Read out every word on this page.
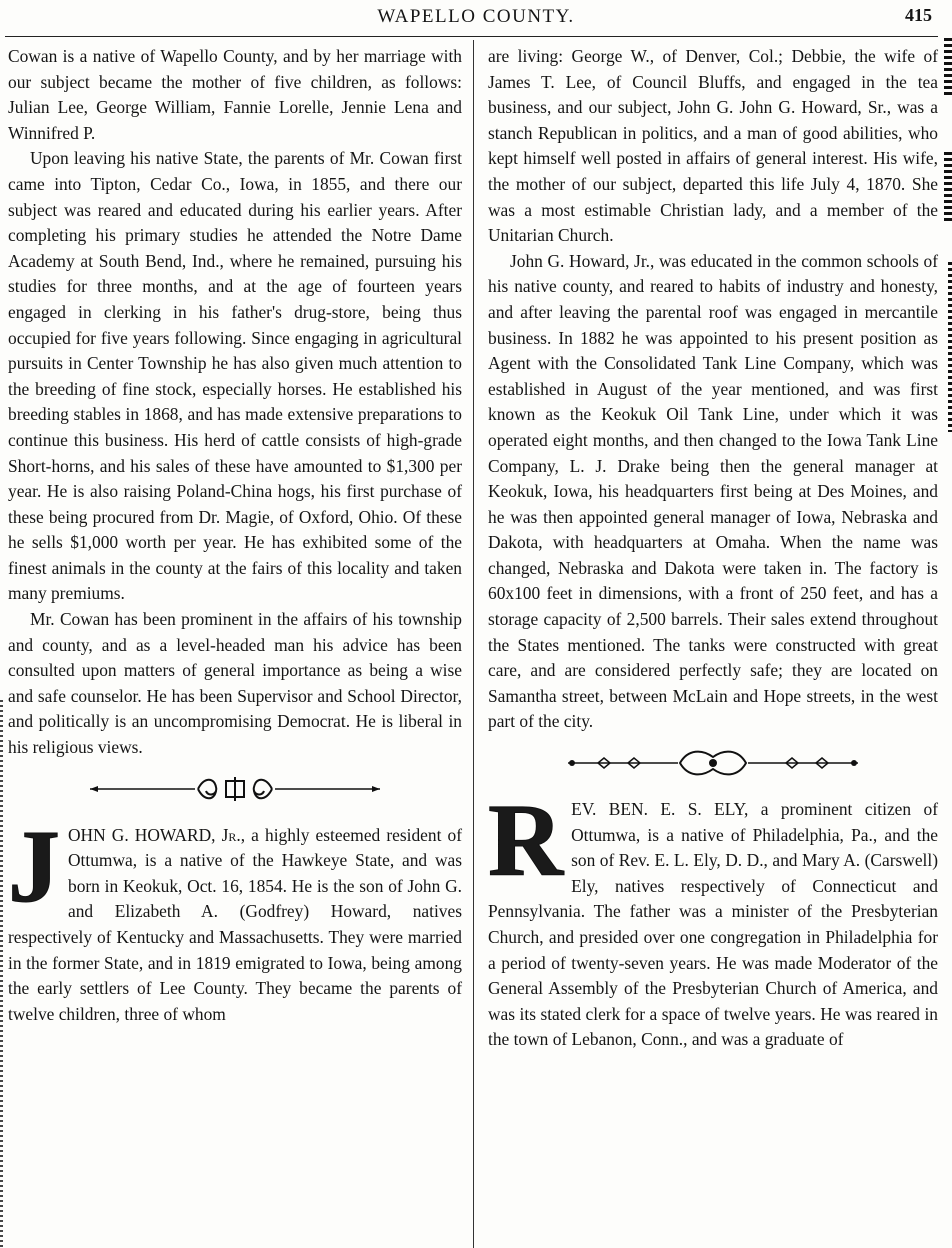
WAPELLO COUNTY.	415

Cowan is a native of Wapello County, and by her marriage with our subject became the mother of five children, as follows: Julian Lee, George William, Fannie Lorelle, Jennie Lena and Winnifred P.

Upon leaving his native State, the parents of Mr. Cowan first came into Tipton, Cedar Co., Iowa, in 1855, and there our subject was reared and educated during his earlier years. After completing his primary studies he attended the Notre Dame Academy at South Bend, Ind., where he remained, pursuing his studies for three months, and at the age of fourteen years engaged in clerking in his father's drug-store, being thus occupied for five years following. Since engaging in agricultural pursuits in Center Township he has also given much attention to the breeding of fine stock, especially horses. He established his breeding stables in 1868, and has made extensive preparations to continue this business. His herd of cattle consists of high-grade Short-horns, and his sales of these have amounted to $1,300 per year. He is also raising Poland-China hogs, his first purchase of these being procured from Dr. Magie, of Oxford, Ohio. Of these he sells $1,000 worth per year. He has exhibited some of the finest animals in the county at the fairs of this locality and taken many premiums.

Mr. Cowan has been prominent in the affairs of his township and county, and as a level-headed man his advice has been consulted upon matters of general importance as being a wise and safe counselor. He has been Supervisor and School Director, and politically is an uncompromising Democrat. He is liberal in his religious views.

JOHN G. HOWARD, Jr., a highly esteemed resident of Ottumwa, is a native of the Hawkeye State, and was born in Keokuk, Oct. 16, 1854. He is the son of John G. and Elizabeth A. (Godfrey) Howard, natives respectively of Kentucky and Massachusetts. They were married in the former State, and in 1819 emigrated to Iowa, being among the early settlers of Lee County. They became the parents of twelve children, three of whom

are living: George W., of Denver, Col.; Debbie, the wife of James T. Lee, of Council Bluffs, and engaged in the tea business, and our subject, John G. John G. Howard, Sr., was a stanch Republican in politics, and a man of good abilities, who kept himself well posted in affairs of general interest. His wife, the mother of our subject, departed this life July 4, 1870. She was a most estimable Christian lady, and a member of the Unitarian Church.

John G. Howard, Jr., was educated in the common schools of his native county, and reared to habits of industry and honesty, and after leaving the parental roof was engaged in mercantile business. In 1882 he was appointed to his present position as Agent with the Consolidated Tank Line Company, which was established in August of the year mentioned, and was first known as the Keokuk Oil Tank Line, under which it was operated eight months, and then changed to the Iowa Tank Line Company, L. J. Drake being then the general manager at Keokuk, Iowa, his headquarters first being at Des Moines, and he was then appointed general manager of Iowa, Nebraska and Dakota, with headquarters at Omaha. When the name was changed, Nebraska and Dakota were taken in. The factory is 60x100 feet in dimensions, with a front of 250 feet, and has a storage capacity of 2,500 barrels. Their sales extend throughout the States mentioned. The tanks were constructed with great care, and are considered perfectly safe; they are located on Samantha street, between McLain and Hope streets, in the west part of the city.

REV. BEN. E. S. ELY, a prominent citizen of Ottumwa, is a native of Philadelphia, Pa., and the son of Rev. E. L. Ely, D. D., and Mary A. (Carswell) Ely, natives respectively of Connecticut and Pennsylvania. The father was a minister of the Presbyterian Church, and presided over one congregation in Philadelphia for a period of twenty-seven years. He was made Moderator of the General Assembly of the Presbyterian Church of America, and was its stated clerk for a space of twelve years. He was reared in the town of Lebanon, Conn., and was a graduate of
